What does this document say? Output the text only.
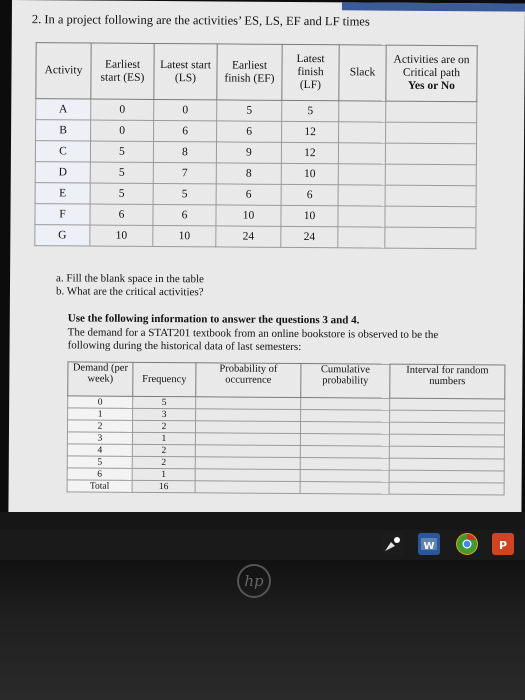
2. In a project following are the activities’ ES, LS, EF and LF times
Activity	Earliest start (ES)	Latest start (LS)	Earliest finish (EF)	Latest finish (LF)	Slack	Activities are on
Critical path
Yes or No

A	0	0	5	5		
B	0	6	6	12		
C	5	8	9	12		
D	5	7	8	10		
E	5	5	6	6		
F	6	6	10	10		
G	10	10	24	24		
a. Fill the blank space in the table
b. What are the critical activities?
Use the following information to answer the questions 3 and 4.
The demand for a STAT201 textbook from an online bookstore is observed to be the
following during the historical data of last semesters:
Demand (per week)	Frequency	Probability of occurrence	Cumulative probability	Interval for random numbers
0	5			
1	3			
2	2			
3	1			
4	2			
5	2			
6	1			
Total	16			
W	P
hp
